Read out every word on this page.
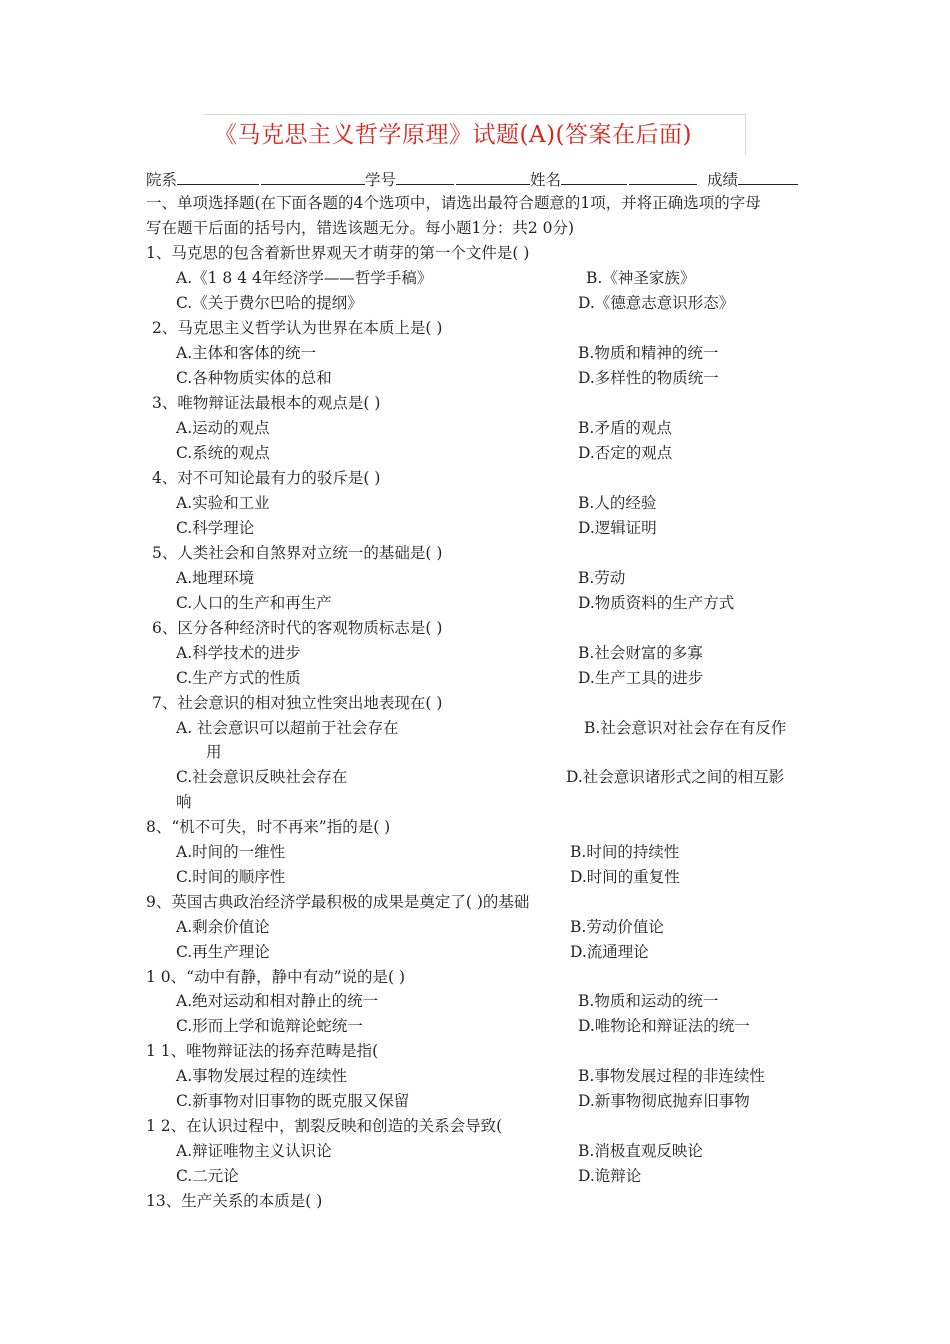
《马克思主义哲学原理》试题(A)(答案在后面)
院系	学号	姓名	成绩
一、单项选择题(在下面各题的4个选项中，请选出最符合题意的1项，并将正确选项的字母
写在题干后面的括号内，错选该题无分。每小题1分：共2 0分)
1、马克思的包含着新世界观天才萌芽的第一个文件是( )
A.《1 8 4 4年经济学——哲学手稿》	B.《神圣家族》
C.《关于费尔巴哈的提纲》	D.《德意志意识形态》
2、马克思主义哲学认为世界在本质上是( )
A.主体和客体的统一	B.物质和精神的统一
C.各种物质实体的总和	D.多样性的物质统一
3、唯物辩证法最根本的观点是( )
A.运动的观点	B.矛盾的观点
C.系统的观点	D.否定的观点
4、对不可知论最有力的驳斥是( )
A.实验和工业	B.人的经验
C.科学理论	D.逻辑证明
5、人类社会和自煞界对立统一的基础是( )
A.地理环境	B.劳动
C.人口的生产和再生产	D.物质资料的生产方式
6、区分各种经济时代的客观物质标志是( )
A.科学技术的进步	B.社会财富的多寡
C.生产方式的性质	D.生产工具的进步
7、社会意识的相对独立性突出地表现在( )
A. 社会意识可以超前于社会存在	B.社会意识对社会存在有反作
用
C.社会意识反映社会存在	D.社会意识诸形式之间的相互影
响
8、“机不可失，时不再来”指的是( )
A.时间的一维性	B.时间的持续性
C.时间的顺序性	D.时间的重复性
9、英国古典政治经济学最积极的成果是奠定了( )的基础
A.剩余价值论	B.劳动价值论
C.再生产理论	D.流通理论
1 0、“动中有静，静中有动”说的是( )
A.绝对运动和相对静止的统一	B.物质和运动的统一
C.形而上学和诡辩论蛇统一	D.唯物论和辩证法的统一
1 1、唯物辩证法的扬弃范畴是指(
A.事物发展过程的连续性	B.事物发展过程的非连续性
C.新事物对旧事物的既克服又保留	D.新事物彻底抛弃旧事物
1 2、在认识过程中，割裂反映和创造的关系会导致(
A.辩证唯物主义认识论	B.消极直观反映论
C.二元论	D.诡辩论
13、生产关系的本质是( )
